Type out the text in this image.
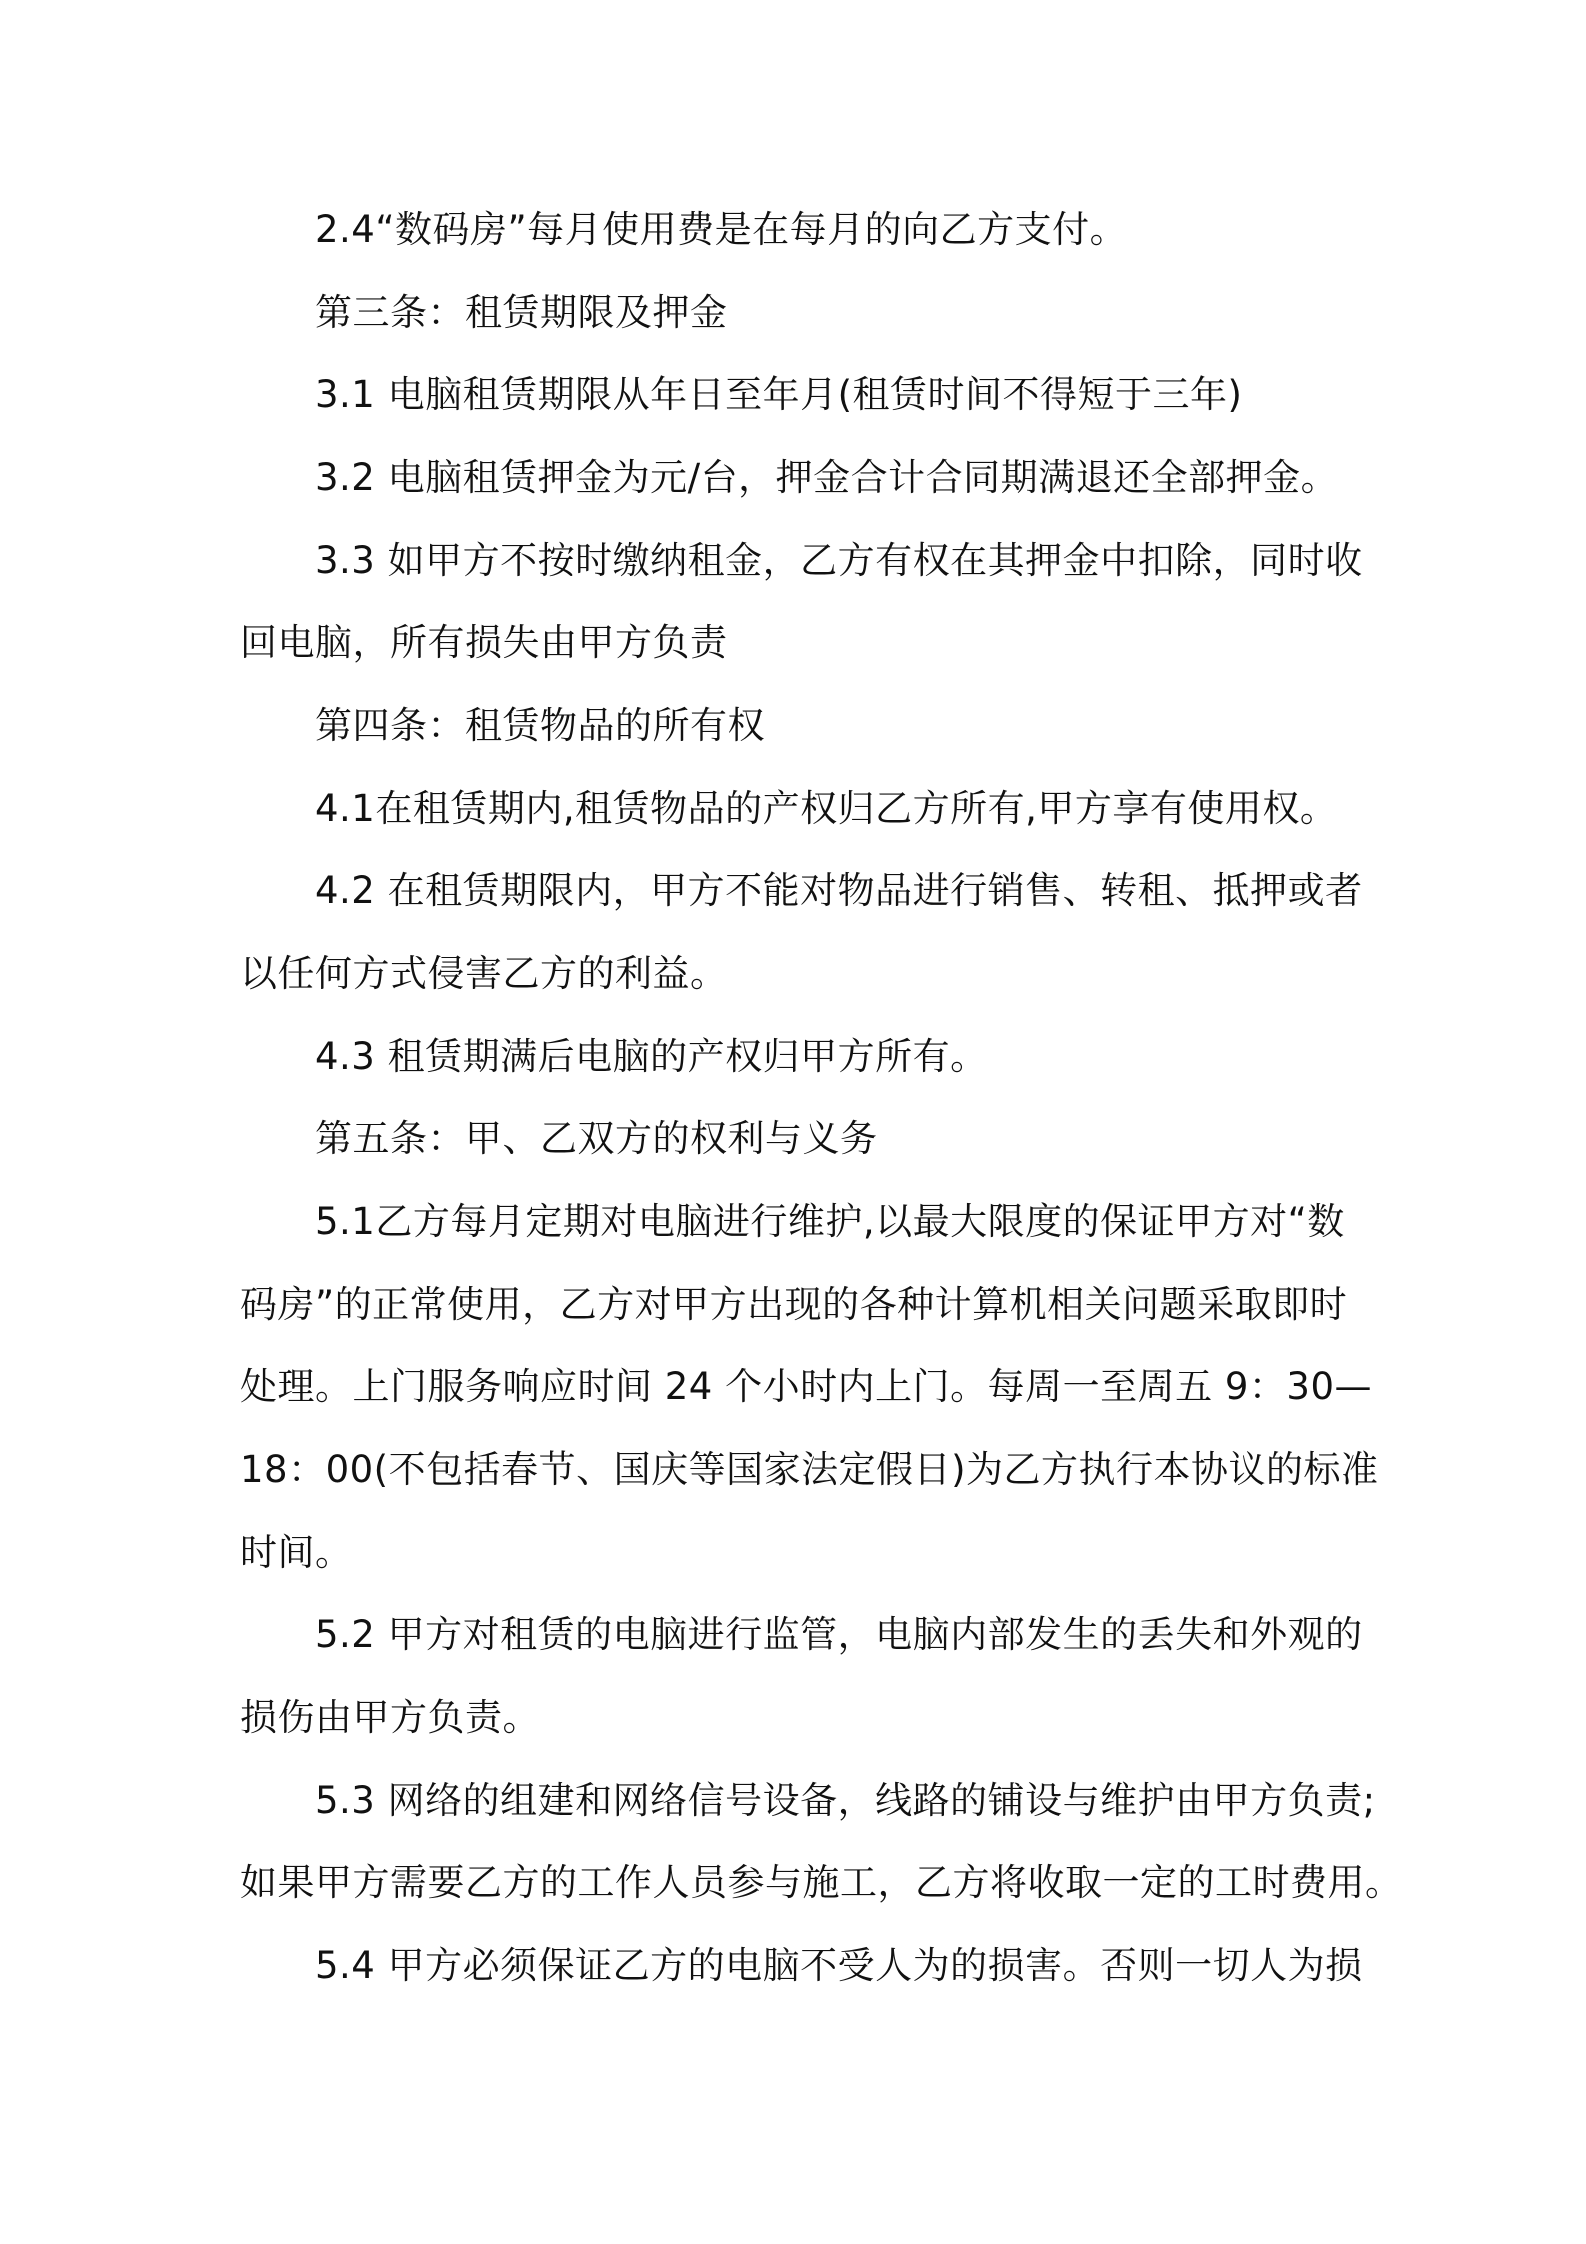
2.4“数码房”每月使用费是在每月的向乙方支付。
第三条：租赁期限及押金
3.1 电脑租赁期限从年日至年月(租赁时间不得短于三年)
3.2 电脑租赁押金为元/台，押金合计合同期满退还全部押金。
3.3 如甲方不按时缴纳租金，乙方有权在其押金中扣除，同时收
回电脑，所有损失由甲方负责
第四条：租赁物品的所有权
4.1在租赁期内,租赁物品的产权归乙方所有,甲方享有使用权。
4.2 在租赁期限内，甲方不能对物品进行销售、转租、抵押或者
以任何方式侵害乙方的利益。
4.3 租赁期满后电脑的产权归甲方所有。
第五条：甲、乙双方的权利与义务
5.1乙方每月定期对电脑进行维护,以最大限度的保证甲方对“数
码房”的正常使用，乙方对甲方出现的各种计算机相关问题采取即时
处理。上门服务响应时间 24 个小时内上门。每周一至周五 9：30—
18：00(不包括春节、国庆等国家法定假日)为乙方执行本协议的标准
时间。
5.2 甲方对租赁的电脑进行监管，电脑内部发生的丢失和外观的
损伤由甲方负责。
5.3 网络的组建和网络信号设备，线路的铺设与维护由甲方负责;
如果甲方需要乙方的工作人员参与施工，乙方将收取一定的工时费用。
5.4 甲方必须保证乙方的电脑不受人为的损害。否则一切人为损
